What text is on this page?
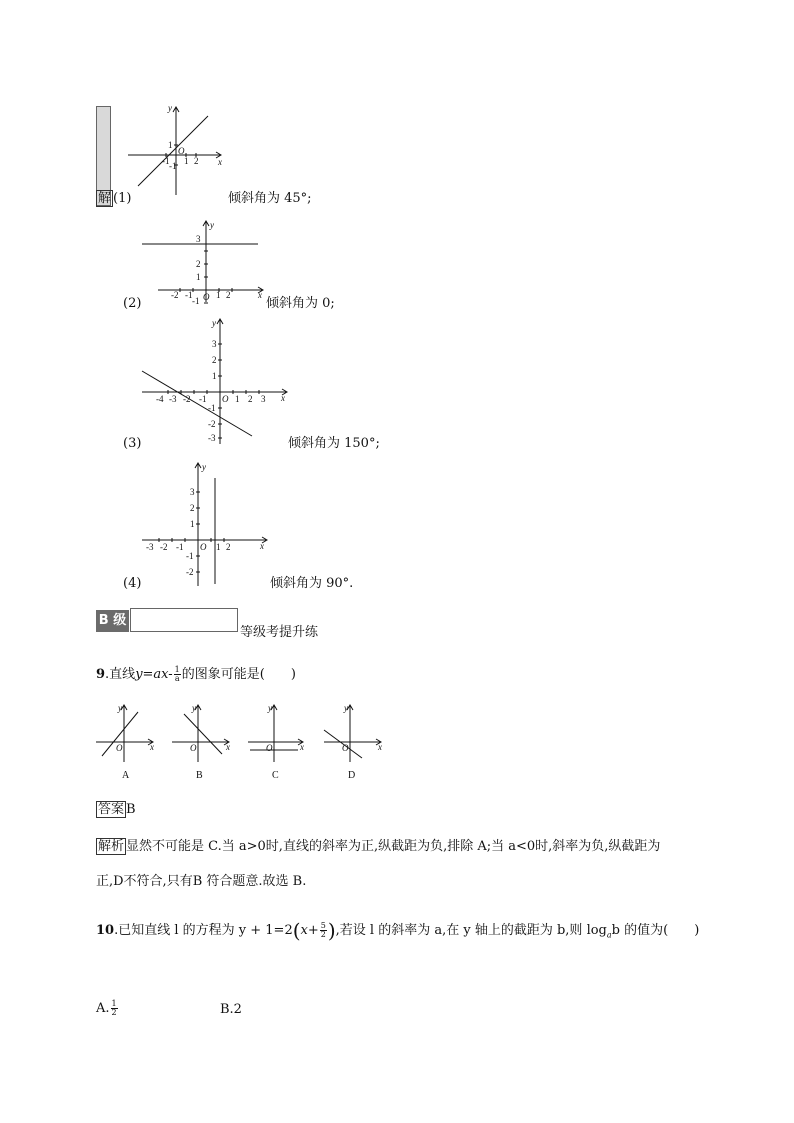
y
x
O
-1 1 2
1
-1
解 (1)	倾斜角为 45°;
y
x
O
-2 -1	1 2
3
2
1
-1
(2)	倾斜角为 0;
y
x
O
-4 -3 -2 -1	1 2 3
3
2
1
-1
-2
-3
(3)	倾斜角为 150°;
y
x
O
-3 -2 -1	1 2
3
2
1
-1
-2
(4)	倾斜角为 90°.
B 级
等级考提升练
9.直线$y=ax- \frac{1}{a}$ 的图象可能是(　　)
y
x
O
y
x
O
y
x
O
y
x
O
A	B	C	D
答案 B
解析 显然不可能是 C.当 a>0时,直线的斜率为正,纵截距为负,排除 A;当 a<0时,斜率为负,纵截距为
正,D不符合,只有B 符合题意.故选 B.
10.已知直线 l 的方程为 $y + 1=2(x+ \frac{5}{2}$ ),若设 l 的斜率为 a,在 y 轴上的截距为 b,则 $\log_ab$ 的值为(　　)
A. $\frac{1}{2}$	B.2
